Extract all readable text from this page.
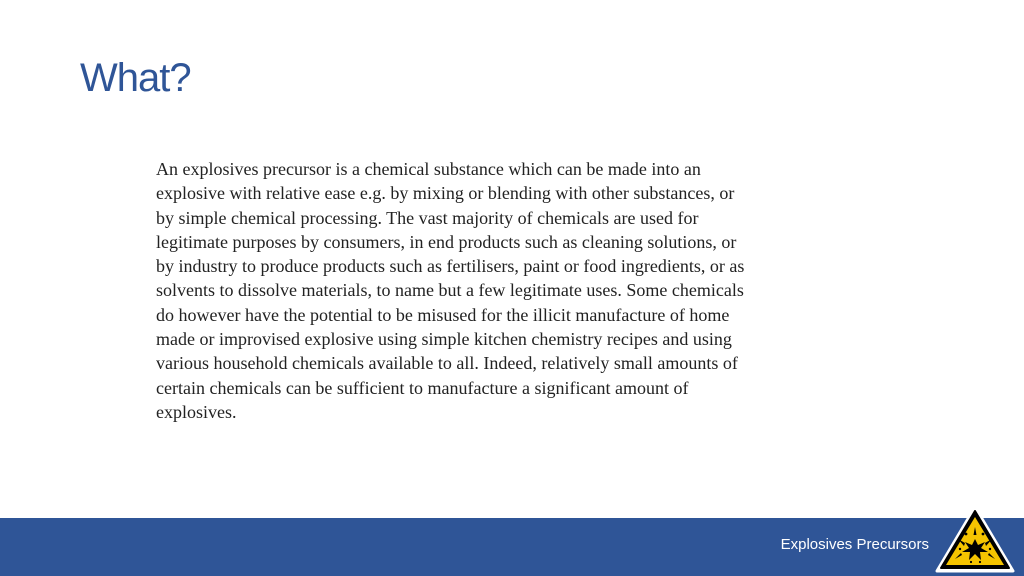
What?
An explosives precursor is a chemical substance which can be made into an
explosive with relative ease e.g. by mixing or blending with other substances, or
by simple chemical processing. The vast majority of chemicals are used for
legitimate purposes by consumers, in end products such as cleaning solutions, or
by industry to produce products such as fertilisers, paint or food ingredients, or as
solvents to dissolve materials, to name but a few legitimate uses. Some chemicals
do however have the potential to be misused for the illicit manufacture of home
made or improvised explosive using simple kitchen chemistry recipes and using
various household chemicals available to all. Indeed, relatively small amounts of
certain chemicals can be sufficient to manufacture a significant amount of
explosives.
Explosives Precursors
